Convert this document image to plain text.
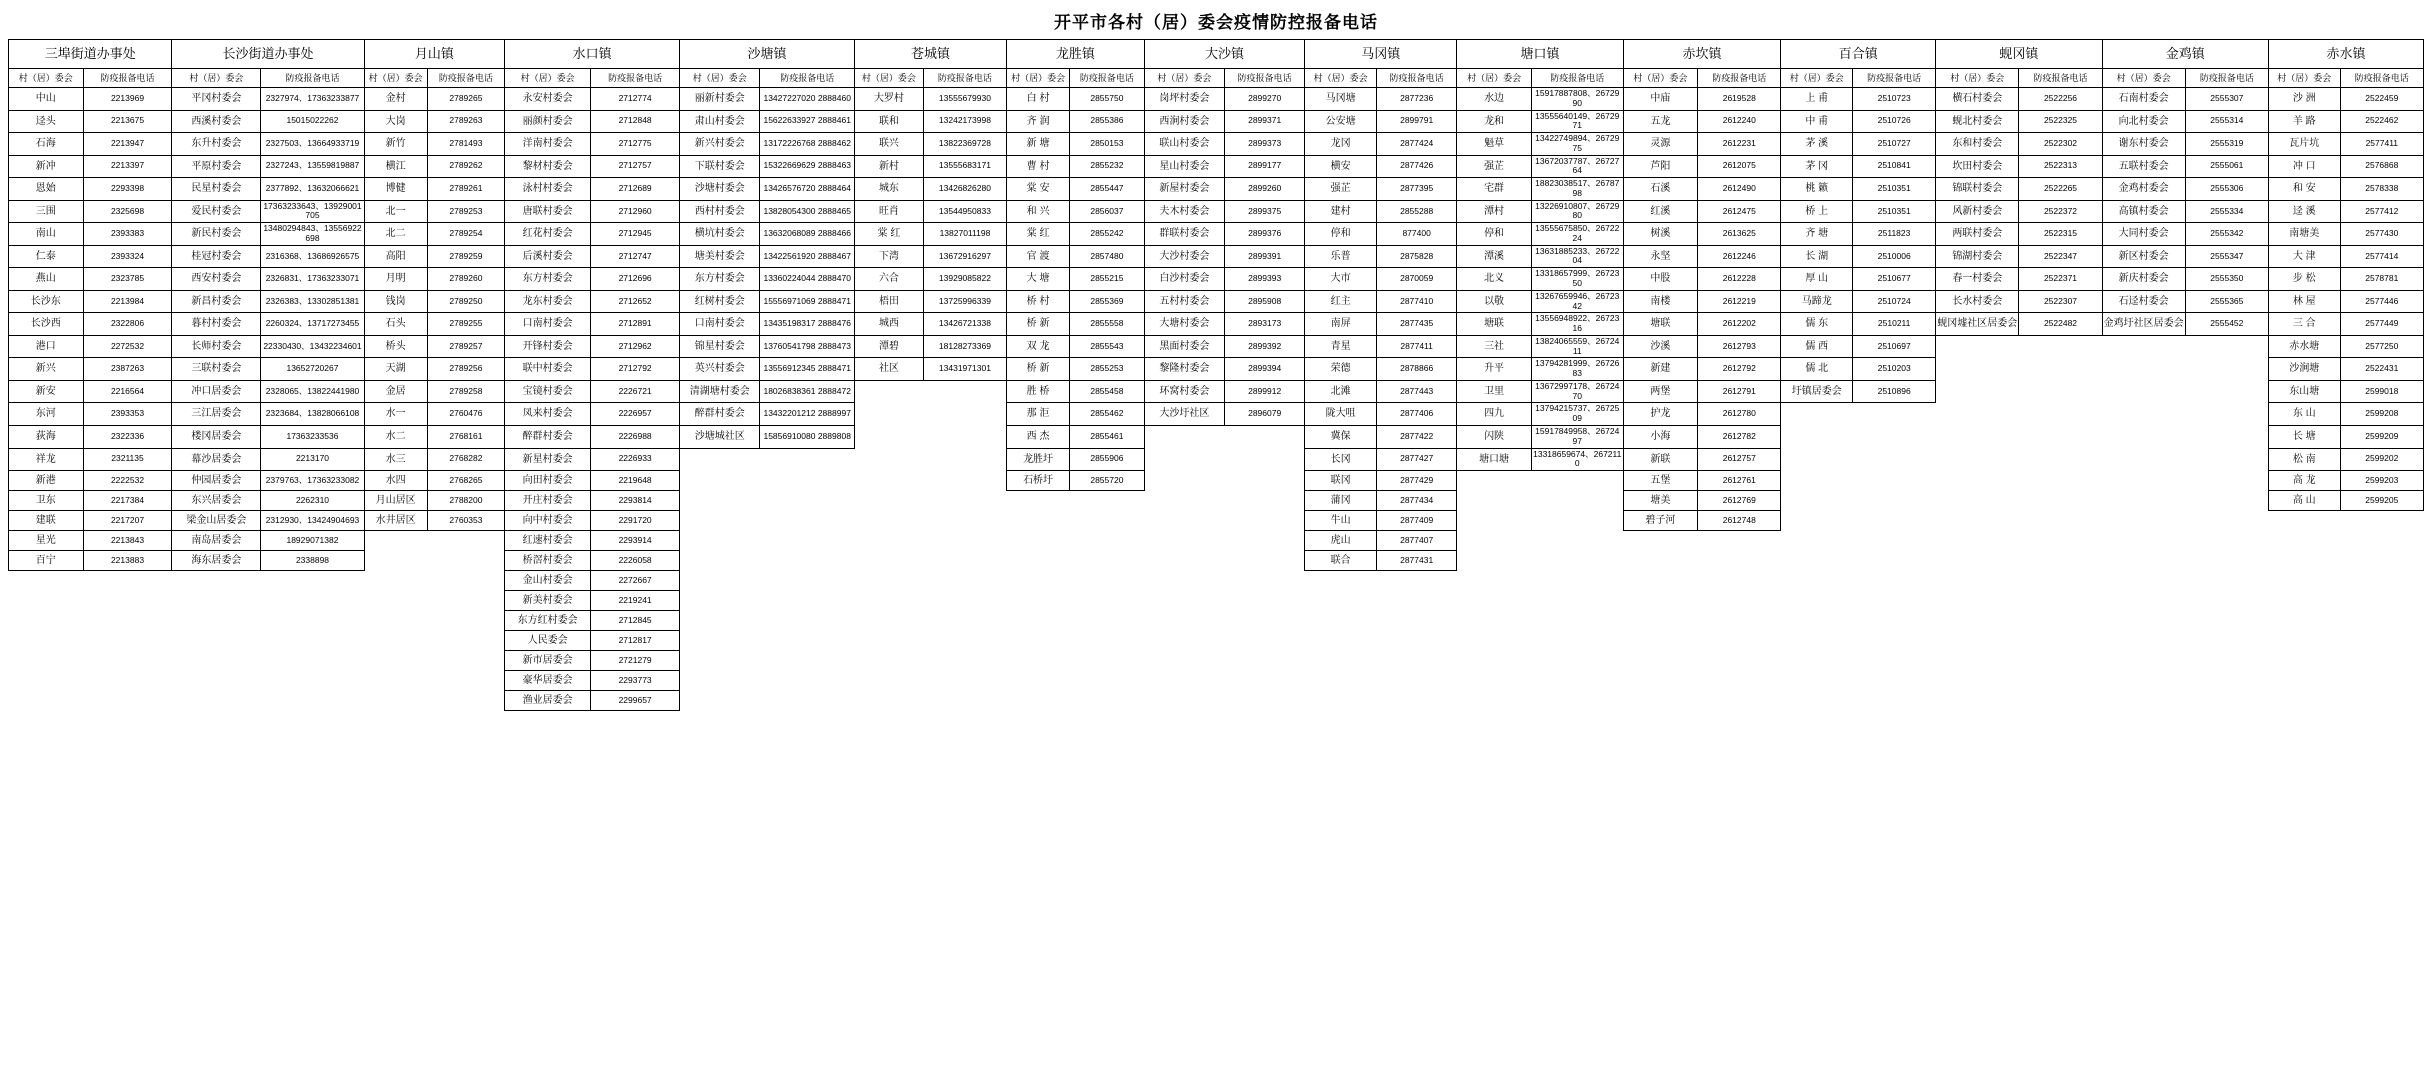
开平市各村（居）委会疫情防控报备电话
三埠街道办事处		长沙街道办事处		月山镇		水口镇		沙塘镇		苍城镇		龙胜镇		大沙镇		马冈镇		塘口镇		赤坎镇		百合镇		蚬冈镇		金鸡镇		赤水镇	
村（居）委会	防疫报备电话	村（居）委会	防疫报备电话	村（居）委会	防疫报备电话	村（居）委会	防疫报备电话	村（居）委会	防疫报备电话	村（居）委会	防疫报备电话	村（居）委会	防疫报备电话	村（居）委会	防疫报备电话	村（居）委会	防疫报备电话	村（居）委会	防疫报备电话	村（居）委会	防疫报备电话	村（居）委会	防疫报备电话	村（居）委会	防疫报备电话	村（居）委会	防疫报备电话	村（居）委会	防疫报备电话
中山	2213969	平冈村委会	2327974、17363233877	金村	2789265	永安村委会	2712774	丽新村委会	13427227020 2888460	大罗村	13555679930	白 村	2855750	岗坪村委会	2899270	马冈塘	2877236	水边	15917887808、2672990	中庙	2619528	上 甫	2510723	横石村委会	2522256	石南村委会	2555307	沙 洲	2522459
迳头	2213675	西溪村委会	15015022262	大岗	2789263	丽颜村委会	2712848	肃山村委会	15622633927 2888461	联和	13242173998	齐 润	2855386	西涧村委会	2899371	公安塘	2899791	龙和	13555640149、2672971	五龙	2612240	中 甫	2510726	蚬北村委会	2522325	向北村委会	2555314	羊 路	2522462
石海	2213947	东升村委会	2327503、13664933719	新竹	2781493	洋南村委会	2712775	新兴村委会	13172226768 2888462	联兴	13822369728	新 塘	2850153	联山村委会	2899373	龙冈	2877424	魁草	13422749894、2672975	灵源	2612231	茅 溪	2510727	东和村委会	2522302	谢东村委会	2555319	瓦片坑	2577411
新冲	2213397	平原村委会	2327243、13559819887	横江	2789262	黎材村委会	2712757	下联村委会	15322669629 2888463	新村	13555683171	曹 村	2855232	星山村委会	2899177	横安	2877426	强芷	13672037787、2672764	芦阳	2612075	茅 冈	2510841	坎田村委会	2522313	五联村委会	2555061	冲 口	2576868
恩始	2293398	民星村委会	2377892、13632066621	博健	2789261	泳村村委会	2712689	沙塘村委会	13426576720 2888464	城东	13426826280	棠 安	2855447	新屋村委会	2899260	强芷	2877395	宅群	18823038517、2678798	石溪	2612490	桃 籁	2510351	锦联村委会	2522265	金鸡村委会	2555306	和 安	2578338
三围	2325698	爱民村委会	17363233643、13929001705	北一	2789253	唐联村委会	2712960	西村村委会	13828054300 2888465	旺肖	13544950833	和 兴	2856037	夫木村委会	2899375	建村	2855288	潭村	13226910807、2672980	红溪	2612475	桥 上	2510351	风新村委会	2522372	高镇村委会	2555334	迳 溪	2577412
南山	2393383	新民村委会	13480294843、13556922698	北二	2789254	红花村委会	2712945	横坑村委会	13632068089 2888466	棠 红	13827011198	棠 红	2855242	群联村委会	2899376	停和	877400	停和	13555675850、2672224	树溪	2613625	齐 塘	2511823	两联村委会	2522315	大同村委会	2555342	南塘美	2577430
仁泰	2393324	桂冠村委会	2316368、13686926575	高阳	2789259	后溪村委会	2712747	塘美村委会	13422561920 2888467	下湾	13672916297	官 渡	2857480	大沙村委会	2899391	乐普	2875828	潭溪	13631885233、2672204	永坚	2612246	长 湖	2510006	锦湖村委会	2522347	新区村委会	2555347	大 津	2577414
燕山	2323785	西安村委会	2326831、17363233071	月明	2789260	东方村委会	2712696	东方村委会	13360224044 2888470	六合	13929085822	大 塘	2855215	白沙村委会	2899393	大市	2870059	北义	13318657999、2672350	中股	2612228	厚 山	2510677	春一村委会	2522371	新庆村委会	2555350	步 松	2578781
长沙东	2213984	新昌村委会	2326383、13302851381	钱岗	2789250	龙东村委会	2712652	红树村委会	15556971069 2888471	梧田	13725996339	桥 村	2855369	五村村委会	2895908	红主	2877410	以敬	13267659946、2672342	南楼	2612219	马蹄龙	2510724	长水村委会	2522307	石迳村委会	2555365	林 屋	2577446
长沙西	2322806	暮村村委会	2260324、13717273455	石头	2789255	口南村委会	2712891	口南村委会	13435198317 2888476	城西	13426721338	桥 新	2855558	大塘村委会	2893173	南屏	2877435	塘联	13556948922、2672316	塘联	2612202	儒 东	2510211	蚬冈墟社区居委会	2522482	金鸡圩社区居委会	2555452	三 合	2577449
港口	2272532	长师村委会	22330430、13432234601	桥头	2789257	开锋村委会	2712962	锦星村委会	13760541798 2888473	潭碧	18128273369	双 龙	2855543	黑面村委会	2899392	青星	2877411	三社	13824065559、2672411	沙溪	2612793	儒 西	2510697					赤水塘	2577250
新兴	2387263	三联村委会	13652720267	天湖	2789256	联中村委会	2712792	英兴村委会	13556912345 2888471	社区	13431971301	桥 新	2855253	黎隆村委会	2899394	荣德	2878866	升平	13794281999、2672683	新建	2612792	儒 北	2510203					沙涧塘	2522431
新安	2216564	冲口居委会	2328065、13822441980	金居	2789258	宝镜村委会	2226721	清湖塘村委会	18026838361 2888472			胜 桥	2855458	环窝村委会	2899912	北滩	2877443	卫里	13672997178、2672470	两堡	2612791	圩镇居委会	2510896					东山塘	2599018
东河	2393353	三江居委会	2323684、13828066108	水一	2760476	凤来村委会	2226957	醉群村委会	13432201212 2888997			那 洰	2855462	大沙圩社区	2896079	陇大咀	2877406	四九	13794215737、2672509	护龙	2612780							东 山	2599208
荻海	2322336	楼冈居委会	17363233536	水二	2768161	醉群村委会	2226988	沙塘城社区	15856910080 2889808			西 杰	2855461			冀保	2877422	闪陕	15917849958、2672497	小海	2612782							长 塘	2599209
祥龙	2321135	幕沙居委会	2213170	水三	2768282	新星村委会	2226933					龙胜圩	2855906			长冈	2877427	塘口塘	13318659674、2672110	新联	2612757							松 南	2599202
新港	2222532	仲园居委会	2379763、17363233082	水四	2768265	向田村委会	2219648					石桥圩	2855720			联冈	2877429			五堡	2612761							高 龙	2599203
卫东	2217384	东兴居委会	2262310	月山居区	2788200	开庄村委会	2293814									蒲冈	2877434			塘美	2612769							高 山	2599205
建联	2217207	梁金山居委会	2312930、13424904693	水井居区	2760353	向中村委会	2291720									牛山	2877409			碧子河	2612748								
星光	2213843	南岛居委会	18929071382			红速村委会	2293914									虎山	2877407												
百宁	2213883	海东居委会	2338898			桥滘村委会	2226058									联合	2877431												
						金山村委会	2272667																						
						新美村委会	2219241																						
						东方红村委会	2712845																						
						人民委会	2712817																						
						新市居委会	2721279																						
						豪华居委会	2293773																						
						渔业居委会	2299657																						
